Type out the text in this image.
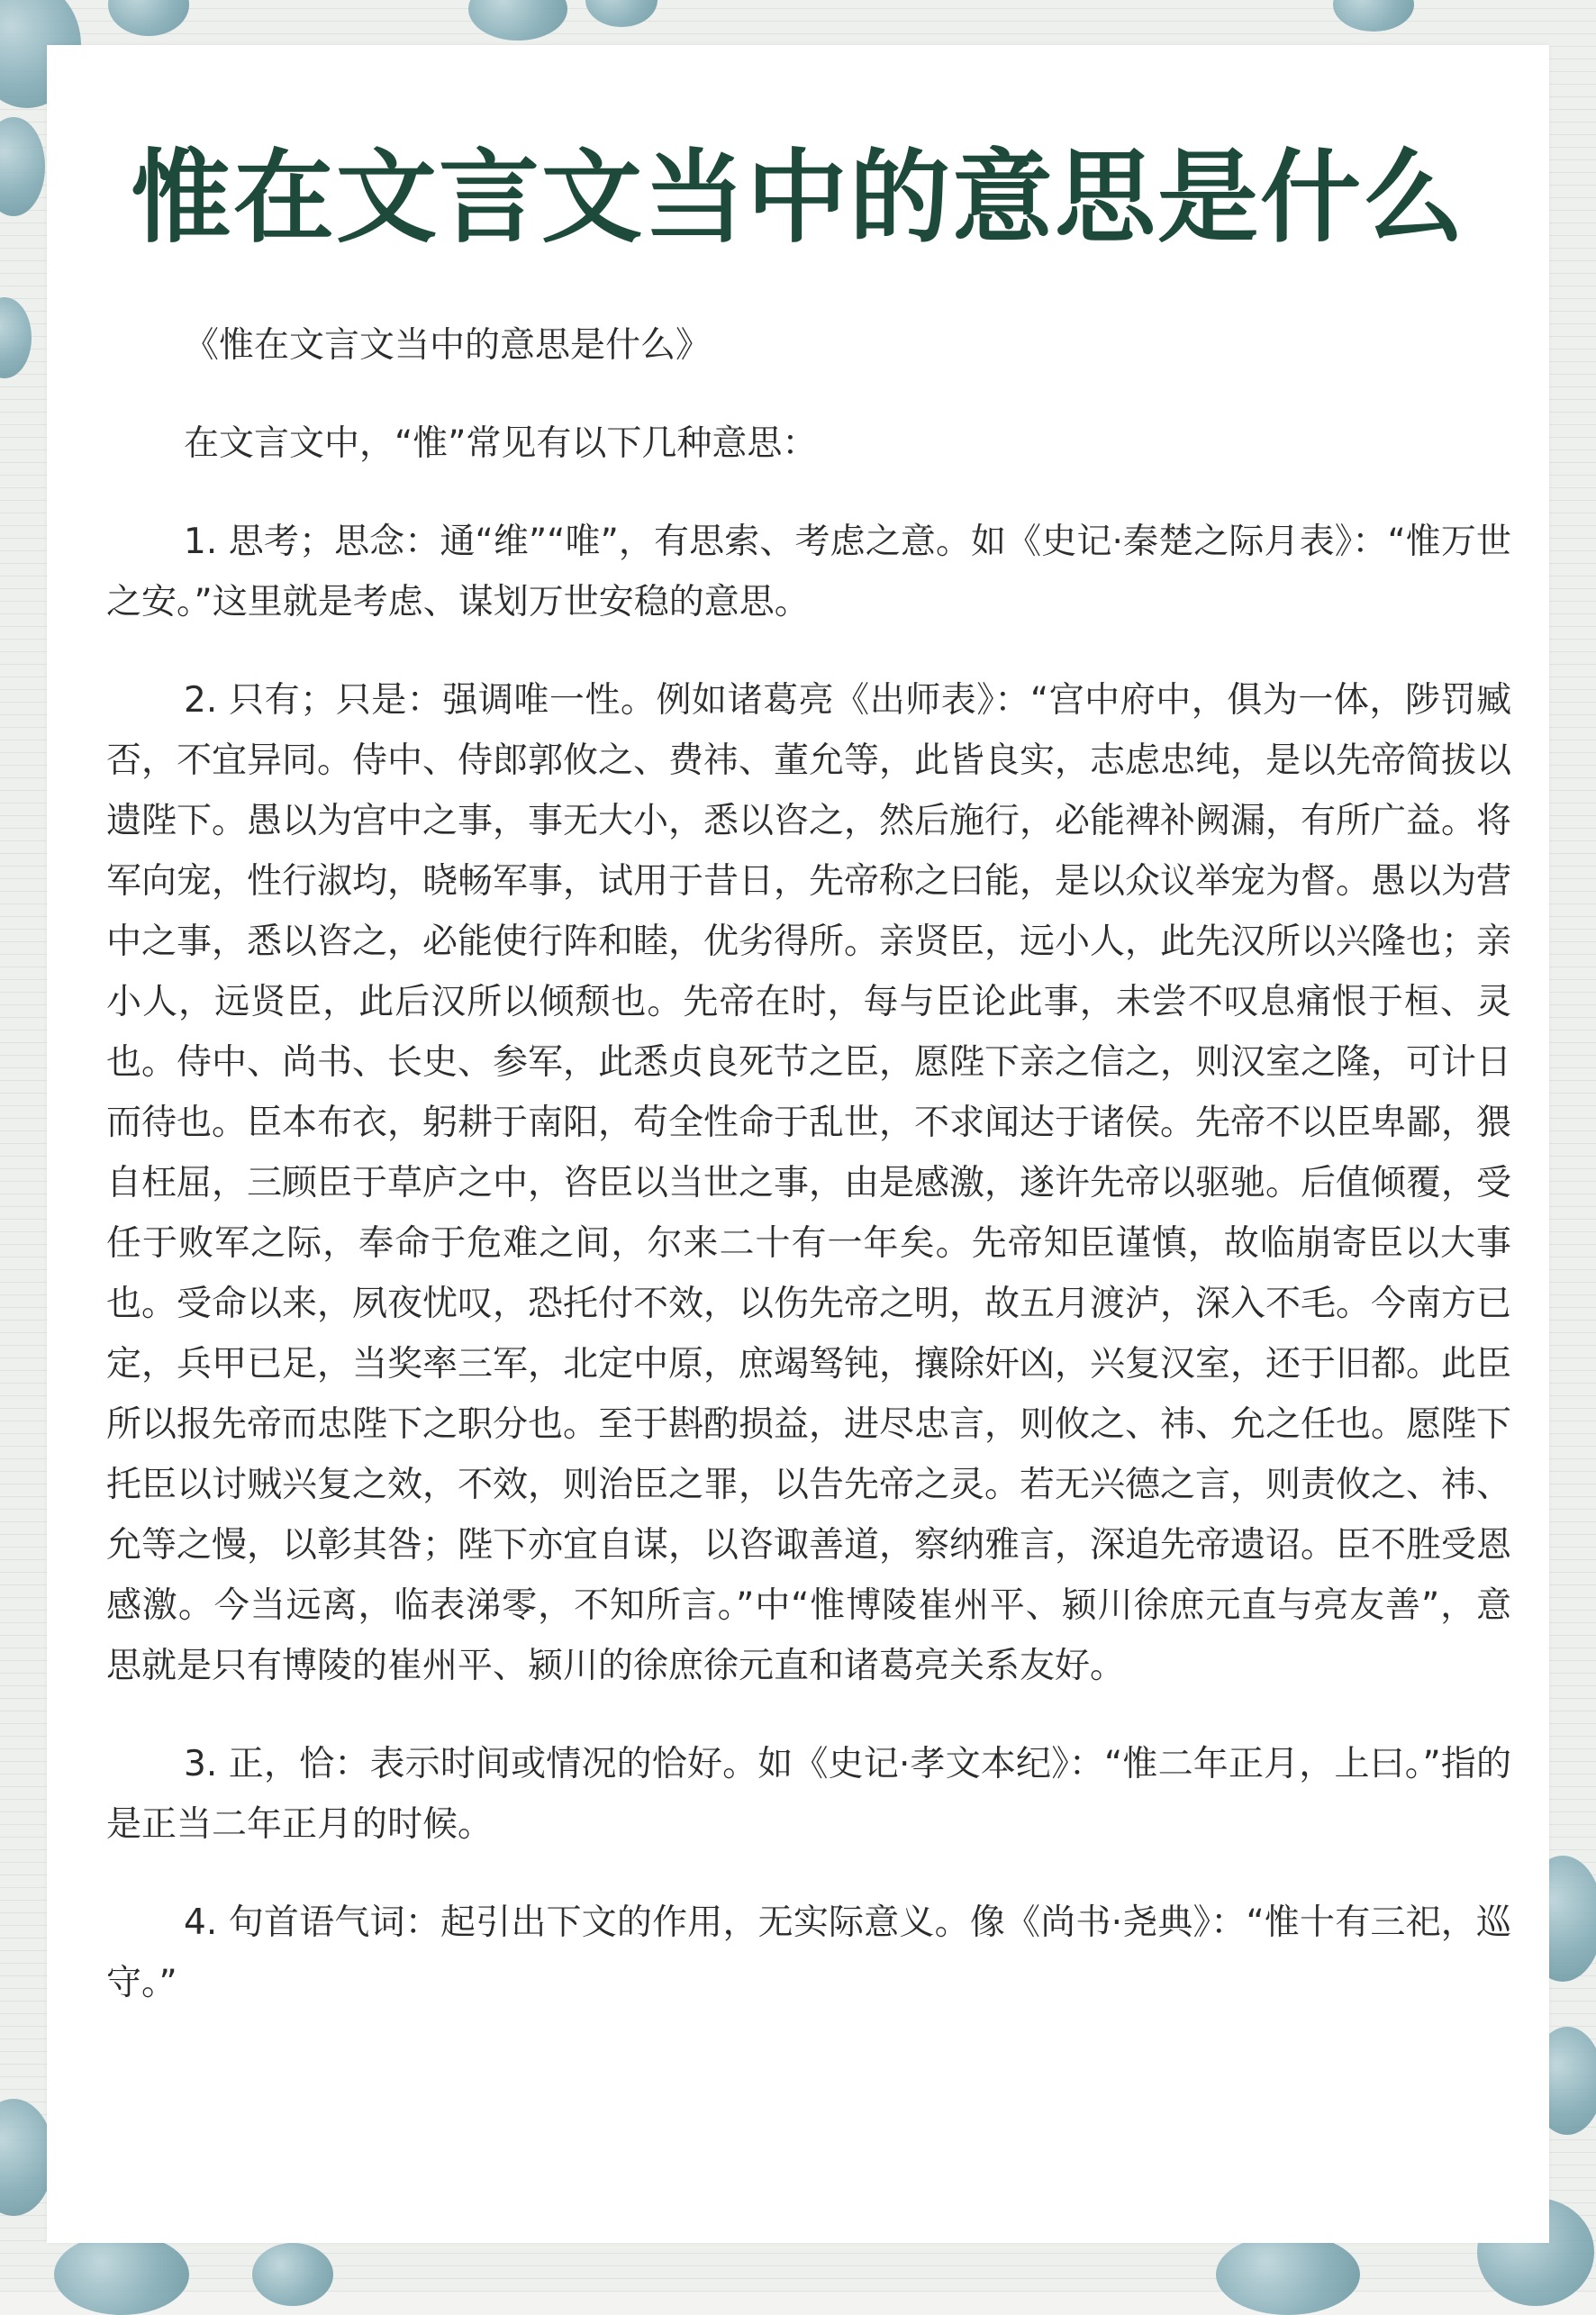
惟在文言文当中的意思是什么

《惟在文言文当中的意思是什么》

在文言文中，“惟”常见有以下几种意思：

1. 思考；思念：通“维”“唯”，有思索、考虑之意。如《史记·秦楚之际月表》：“惟万世之安。”这里就是考虑、谋划万世安稳的意思。

2. 只有；只是：强调唯一性。例如诸葛亮《出师表》：“宫中府中，俱为一体，陟罚臧否，不宜异同。侍中、侍郎郭攸之、费祎、董允等，此皆良实，志虑忠纯，是以先帝简拔以遗陛下。愚以为宫中之事，事无大小，悉以咨之，然后施行，必能裨补阙漏，有所广益。将军向宠，性行淑均，晓畅军事，试用于昔日，先帝称之曰能，是以众议举宠为督。愚以为营中之事，悉以咨之，必能使行阵和睦，优劣得所。亲贤臣，远小人，此先汉所以兴隆也；亲小人，远贤臣，此后汉所以倾颓也。先帝在时，每与臣论此事，未尝不叹息痛恨于桓、灵也。侍中、尚书、长史、参军，此悉贞良死节之臣，愿陛下亲之信之，则汉室之隆，可计日而待也。臣本布衣，躬耕于南阳，苟全性命于乱世，不求闻达于诸侯。先帝不以臣卑鄙，猥自枉屈，三顾臣于草庐之中，咨臣以当世之事，由是感激，遂许先帝以驱驰。后值倾覆，受任于败军之际，奉命于危难之间，尔来二十有一年矣。先帝知臣谨慎，故临崩寄臣以大事也。受命以来，夙夜忧叹，恐托付不效，以伤先帝之明，故五月渡泸，深入不毛。今南方已定，兵甲已足，当奖率三军，北定中原，庶竭驽钝，攘除奸凶，兴复汉室，还于旧都。此臣所以报先帝而忠陛下之职分也。至于斟酌损益，进尽忠言，则攸之、祎、允之任也。愿陛下托臣以讨贼兴复之效，不效，则治臣之罪，以告先帝之灵。若无兴德之言，则责攸之、祎、允等之慢，以彰其咎；陛下亦宜自谋，以咨诹善道，察纳雅言，深追先帝遗诏。臣不胜受恩感激。今当远离，临表涕零，不知所言。”中“惟博陵崔州平、颍川徐庶元直与亮友善”，意思就是只有博陵的崔州平、颍川的徐庶徐元直和诸葛亮关系友好。

3. 正，恰：表示时间或情况的恰好。如《史记·孝文本纪》：“惟二年正月，上曰。”指的是正当二年正月的时候。

4. 句首语气词：起引出下文的作用，无实际意义。像《尚书·尧典》：“惟十有三祀，巡守。”
